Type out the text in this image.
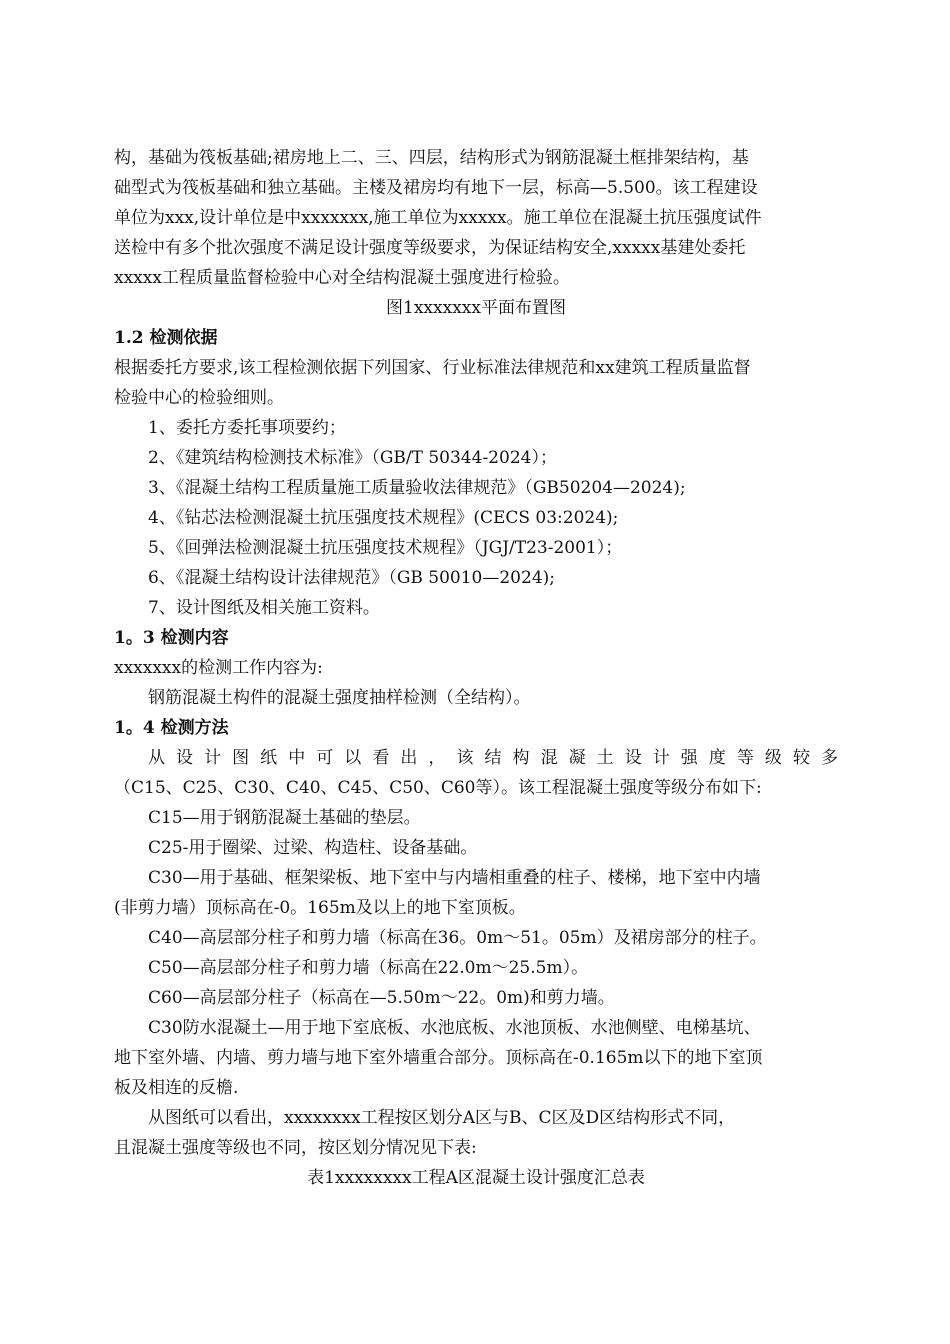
构，基础为筏板基础;裙房地上二、三、四层，结构形式为钢筋混凝土框排架结构，基
础型式为筏板基础和独立基础。主楼及裙房均有地下一层，标高—5.500。该工程建设
单位为xxx,设计单位是中xxxxxxx,施工单位为xxxxx。施工单位在混凝土抗压强度试件
送检中有多个批次强度不满足设计强度等级要求，为保证结构安全,xxxxx基建处委托
xxxxx工程质量监督检验中心对全结构混凝土强度进行检验。
图1xxxxxxx平面布置图
1.2 检测依据
根据委托方要求,该工程检测依据下列国家、行业标准法律规范和xx建筑工程质量监督
检验中心的检验细则。
1、委托方委托事项要约；
2、《建筑结构检测技术标准》（GB/T 50344-2024）；
3、《混凝土结构工程质量施工质量验收法律规范》（GB50204—2024);
4、《钻芯法检测混凝土抗压强度技术规程》(CECS 03:2024);
5、《回弹法检测混凝土抗压强度技术规程》（JGJ/T23-2001）；
6、《混凝土结构设计法律规范》（GB 50010—2024);
7、设计图纸及相关施工资料。
1。3 检测内容
xxxxxxx的检测工作内容为:
钢筋混凝土构件的混凝土强度抽样检测（全结构）。
1。4 检测方法
从设计图纸中可以看出，该结构混凝土设计强度等级较多
（C15、C25、C30、C40、C45、C50、C60等）。该工程混凝土强度等级分布如下:
C15—用于钢筋混凝土基础的垫层。
C25-用于圈梁、过梁、构造柱、设备基础。
C30—用于基础、框架梁板、地下室中与内墙相重叠的柱子、楼梯，地下室中内墙
(非剪力墙）顶标高在-0。165m及以上的地下室顶板。
C40—高层部分柱子和剪力墙（标高在36。0m～51。05m）及裙房部分的柱子。
C50—高层部分柱子和剪力墙（标高在22.0m～25.5m）。
C60—高层部分柱子（标高在—5.50m～22。0m)和剪力墙。
C30防水混凝土—用于地下室底板、水池底板、水池顶板、水池侧壁、电梯基坑、
地下室外墙、内墙、剪力墙与地下室外墙重合部分。顶标高在-0.165m以下的地下室顶
板及相连的反檐.
从图纸可以看出，xxxxxxxx工程按区划分A区与B、C区及D区结构形式不同，
且混凝土强度等级也不同，按区划分情况见下表:
表1xxxxxxxx工程A区混凝土设计强度汇总表
